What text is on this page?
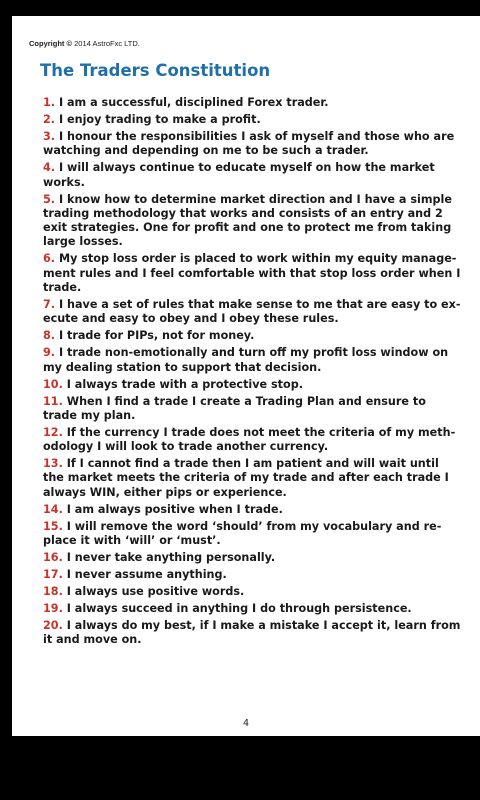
Copyright © 2014 AstroFxc LTD.
The Traders Constitution
1. I am a successful, disciplined Forex trader.
2. I enjoy trading to make a profit.
3. I honour the responsibilities I ask of myself and those who are watching and depending on me to be such a trader.
4. I will always continue to educate myself on how the market works.
5. I know how to determine market direction and I have a simple trading methodology that works and consists of an entry and 2 exit strategies. One for profit and one to protect me from taking large losses.
6. My stop loss order is placed to work within my equity manage-ment rules and I feel comfortable with that stop loss order when I trade.
7. I have a set of rules that make sense to me that are easy to ex-ecute and easy to obey and I obey these rules.
8. I trade for PIPs, not for money.
9. I trade non-emotionally and turn off my profit loss window on my dealing station to support that decision.
10. I always trade with a protective stop.
11. When I find a trade I create a Trading Plan and ensure to trade my plan.
12. If the currency I trade does not meet the criteria of my meth-odology I will look to trade another currency.
13. If I cannot find a trade then I am patient and will wait until the market meets the criteria of my trade and after each trade I always WIN, either pips or experience.
14. I am always positive when I trade.
15. I will remove the word ‘should’ from my vocabulary and re-place it with ‘will’ or ‘must’.
16. I never take anything personally.
17. I never assume anything.
18. I always use positive words.
19. I always succeed in anything I do through persistence.
20. I always do my best, if I make a mistake I accept it, learn from it and move on.
4
